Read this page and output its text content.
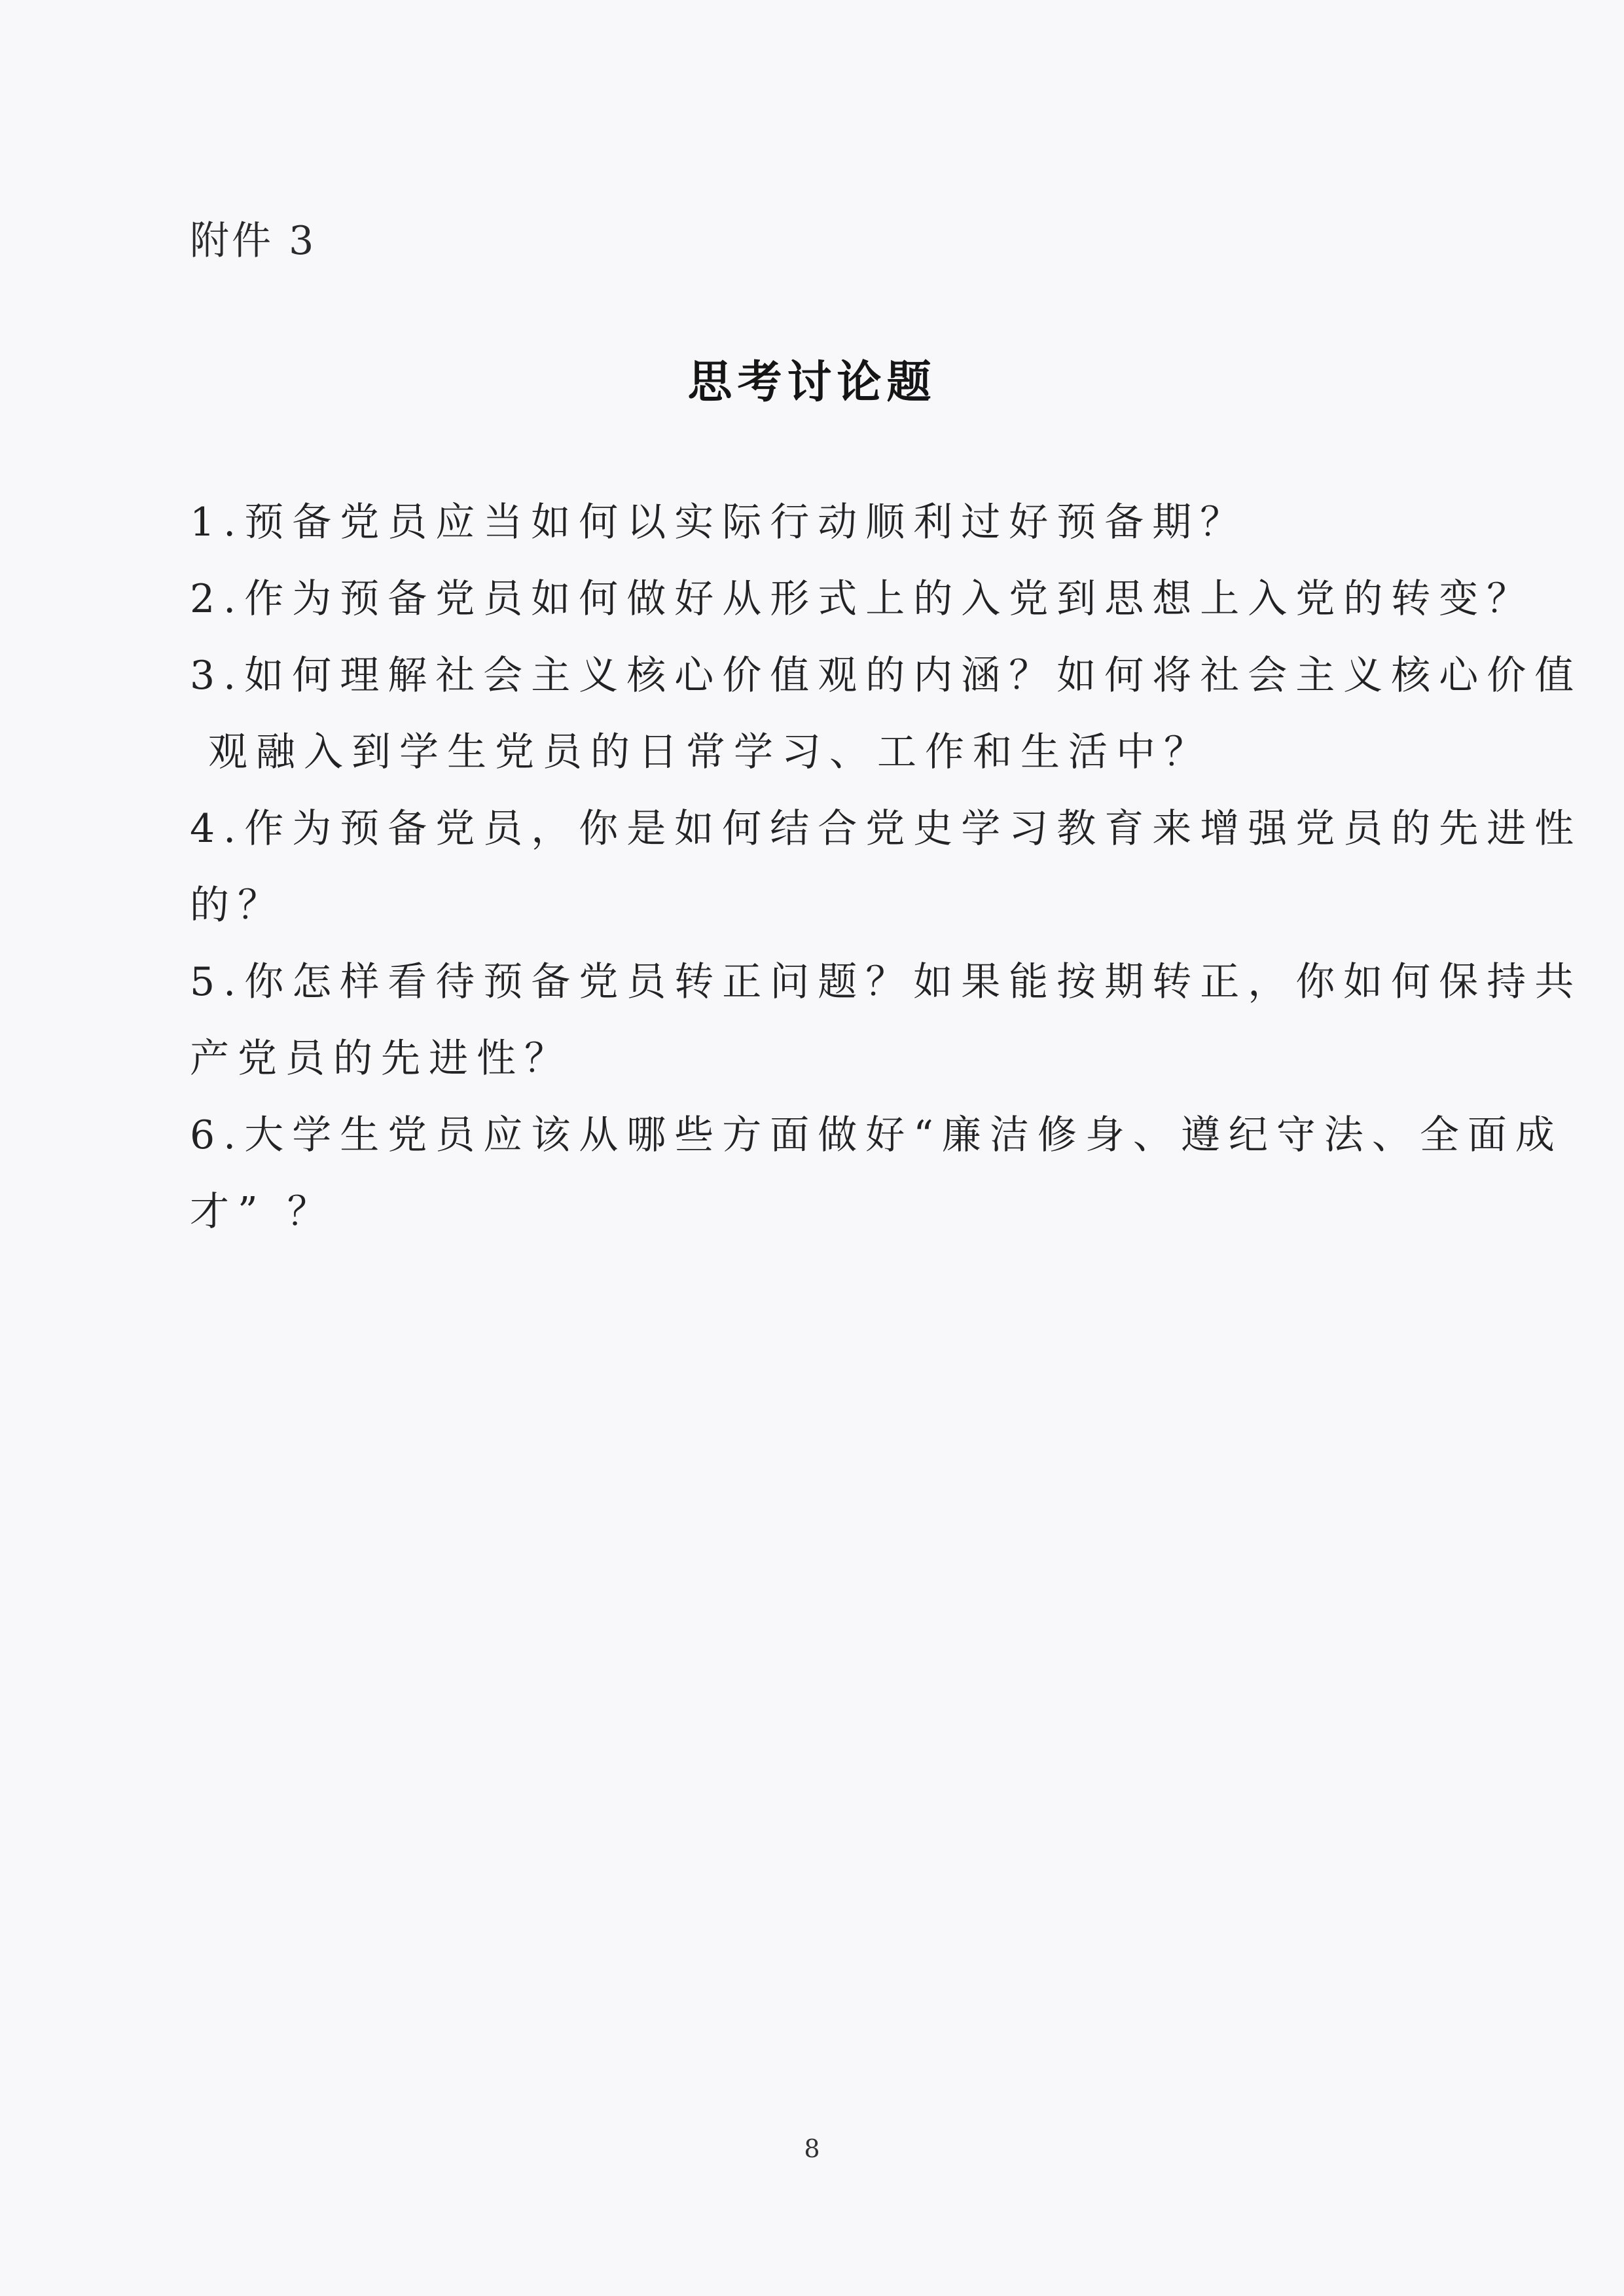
附件 3
思考讨论题
1.预备党员应当如何以实际行动顺利过好预备期？
2.作为预备党员如何做好从形式上的入党到思想上入党的转变？
3.如何理解社会主义核心价值观的内涵？如何将社会主义核心价值
观融入到学生党员的日常学习、工作和生活中？
4.作为预备党员，你是如何结合党史学习教育来增强党员的先进性
的？
5.你怎样看待预备党员转正问题？如果能按期转正，你如何保持共
产党员的先进性？
6.大学生党员应该从哪些方面做好“廉洁修身、遵纪守法、全面成
才” ？
8
